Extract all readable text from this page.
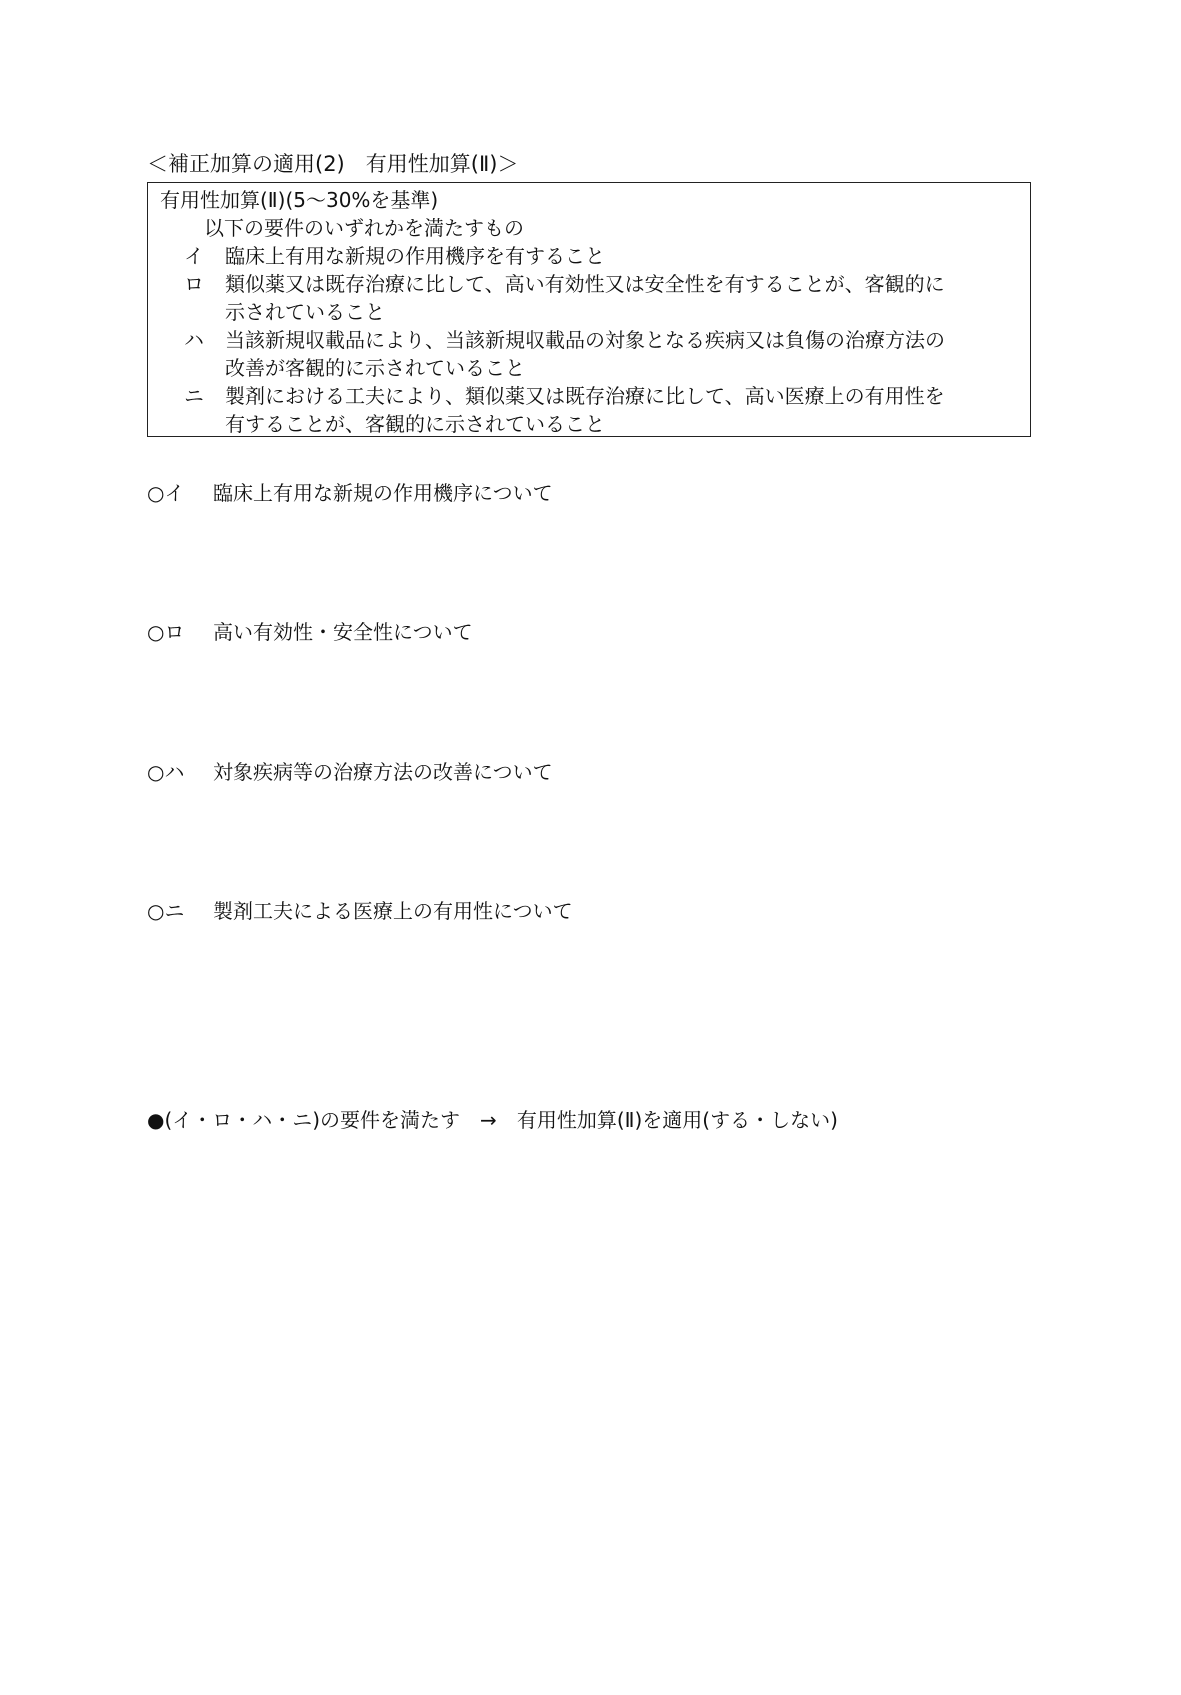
＜補正加算の適用(2)　有用性加算(Ⅱ)＞
有用性加算(Ⅱ)(5～30%を基準)
以下の要件のいずれかを満たすもの
イ 臨床上有用な新規の作用機序を有すること
ロ 類似薬又は既存治療に比して、高い有効性又は安全性を有することが、客観的に
示されていること
ハ 当該新規収載品により、当該新規収載品の対象となる疾病又は負傷の治療方法の
改善が客観的に示されていること
ニ 製剤における工夫により、類似薬又は既存治療に比して、高い医療上の有用性を
有することが、客観的に示されていること
○イ 臨床上有用な新規の作用機序について
○ロ 高い有効性・安全性について
○ハ 対象疾病等の治療方法の改善について
○ニ 製剤工夫による医療上の有用性について
●(イ・ロ・ハ・ニ)の要件を満たす　→　有用性加算(Ⅱ)を適用(する・しない)
